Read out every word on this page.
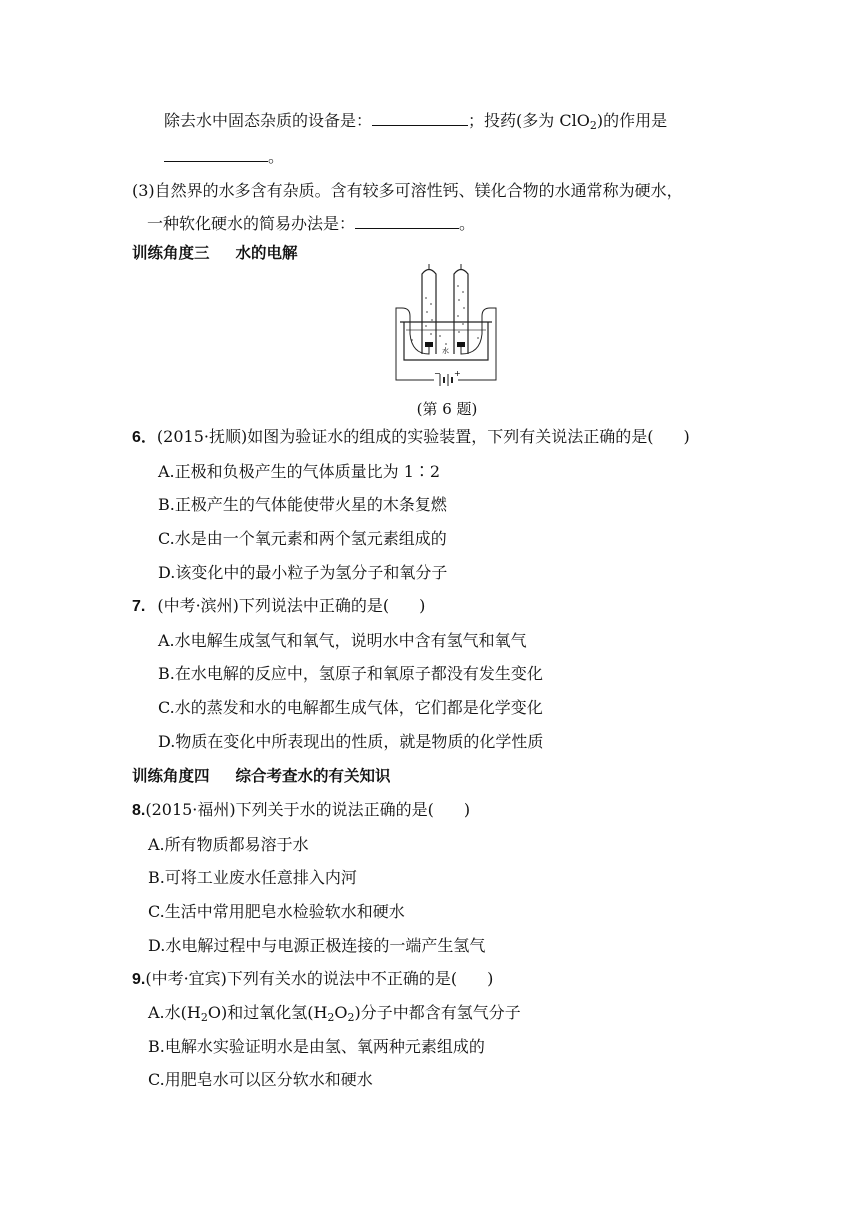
除去水中固态杂质的设备是：	；投药(多为 ClO$_2$)的作用是
。
(3)自然界的水多含有杂质。含有较多可溶性钙、镁化合物的水通常称为硬水，
一种软化硬水的简易办法是：	。
训练角度三 水的电解
− +
水
(第 6 题)
6．(2015·抚顺)如图为验证水的组成的实验装置，下列有关说法正确的是( )
A.正极和负极产生的气体质量比为 1∶2
B.正极产生的气体能使带火星的木条复燃
C.水是由一个氧元素和两个氢元素组成的
D.该变化中的最小粒子为氢分子和氧分子
7. (中考·滨州)下列说法中正确的是( )
A.水电解生成氢气和氧气，说明水中含有氢气和氧气
B.在水电解的反应中，氢原子和氧原子都没有发生变化
C.水的蒸发和水的电解都生成气体，它们都是化学变化
D.物质在变化中所表现出的性质，就是物质的化学性质
训练角度四 综合考查水的有关知识
8.(2015·福州)下列关于水的说法正确的是( )
A.所有物质都易溶于水
B.可将工业废水任意排入内河
C.生活中常用肥皂水检验软水和硬水
D.水电解过程中与电源正极连接的一端产生氢气
9.(中考·宜宾)下列有关水的说法中不正确的是( )
A.水$(H_2O)$和过氧化氢$(H_2O_2)$分子中都含有氢气分子
B.电解水实验证明水是由氢、氧两种元素组成的
C.用肥皂水可以区分软水和硬水
